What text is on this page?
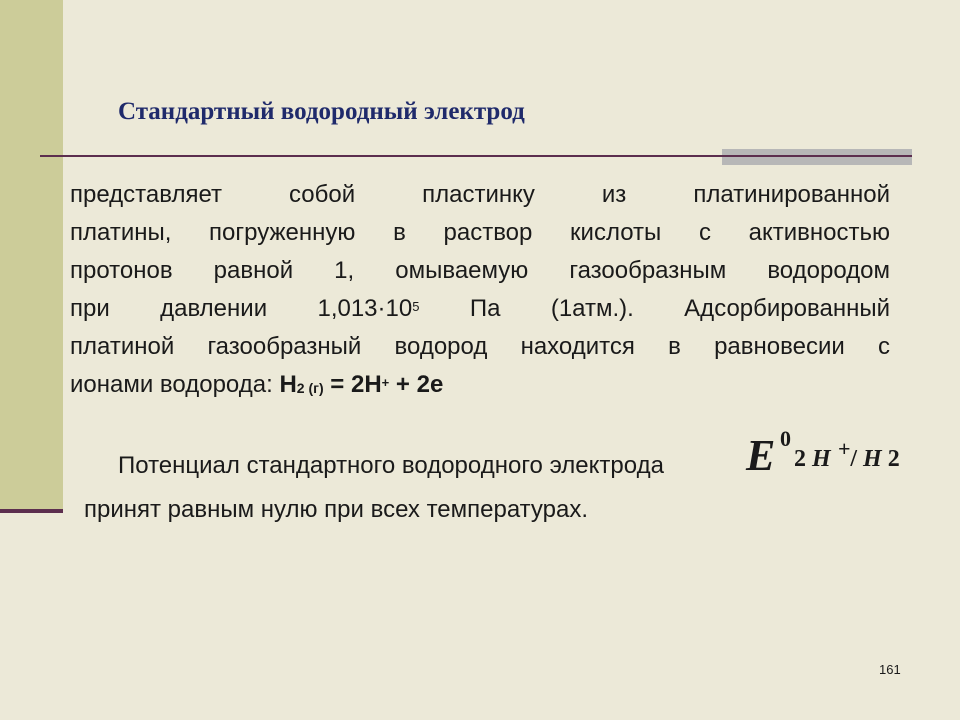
Стандартный водородный электрод
представляет собой пластинку из платинированной
платины, погруженную в раствор кислоты с активностью
протонов равной 1, омываемую газообразным водородом
при давлении $1,013\cdot 10^5$ Па (1атм.). Адсорбированный
платиной газообразный водород находится в равновесии с
ионами водорода: H2 (г) = 2H+ + 2e
E 0
2 H / H 2
+
Потенциал стандартного водородного электрода
принят равным нулю при всех температурах.
161
